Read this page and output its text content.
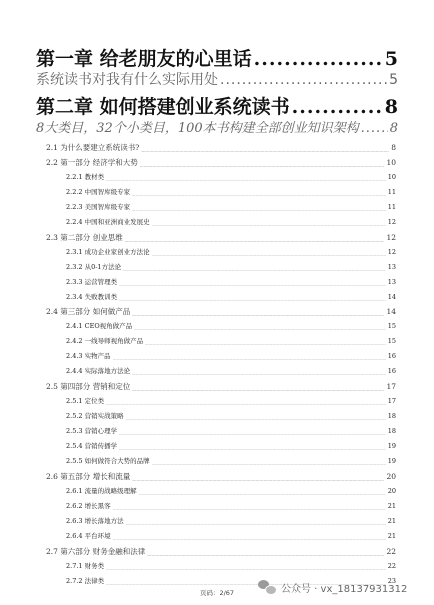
第一章 给老朋友的心里话 .....	5
系统读书对我有什么实际用处 .....	5
第二章 如何搭建创业系统读书 .....	8
8大类目，32个小类目，100本书构建全部创业知识架构 ..... 8
2.1 为什么要建立系统读书? _____	8
2.2 第一部分 经济学和大势 _____	10
2.2.1 教材类 _____	10
2.2.2 中国智库级专家 _____	11
2.2.3 美国智库级专家 _____	11
2.2.4 中国和亚洲商业发展史 _____	12
2.3 第二部分 创业思维 _____	12
2.3.1 成功企业家创业方法论 _____	12
2.3.2 从0-1方法论 _____	13
2.3.3 运营管理类 _____	13
2.3.4 失败教训类 _____	14
2.4 第三部分 如何做产品 _____	14
2.4.1 CEO视角做产品 _____	15
2.4.2 一线导师视角做产品 _____	15
2.4.3 实物产品 _____	16
2.4.4 实际落地方法论 _____	16
2.5 第四部分 营销和定位 _____	17
2.5.1 定位类 _____	17
2.5.2 营销实战策略 _____	18
2.5.3 营销心理学 _____	18
2.5.4 营销传播学 _____	19
2.5.5 如何做符合大势的品牌 _____	19
2.6 第五部分 增长和流量 _____	20
2.6.1 流量的战略级理解 _____	20
2.6.2 增长黑客 _____	21
2.6.3 增长落地方法 _____	21
2.6.4 平台环境 _____	21
2.7 第六部分 财务金融和法律 _____	22
2.7.1 财务类 _____	22
2.7.2 法律类 _____	23
公众号 · vx_18137931312
页码：2/67
